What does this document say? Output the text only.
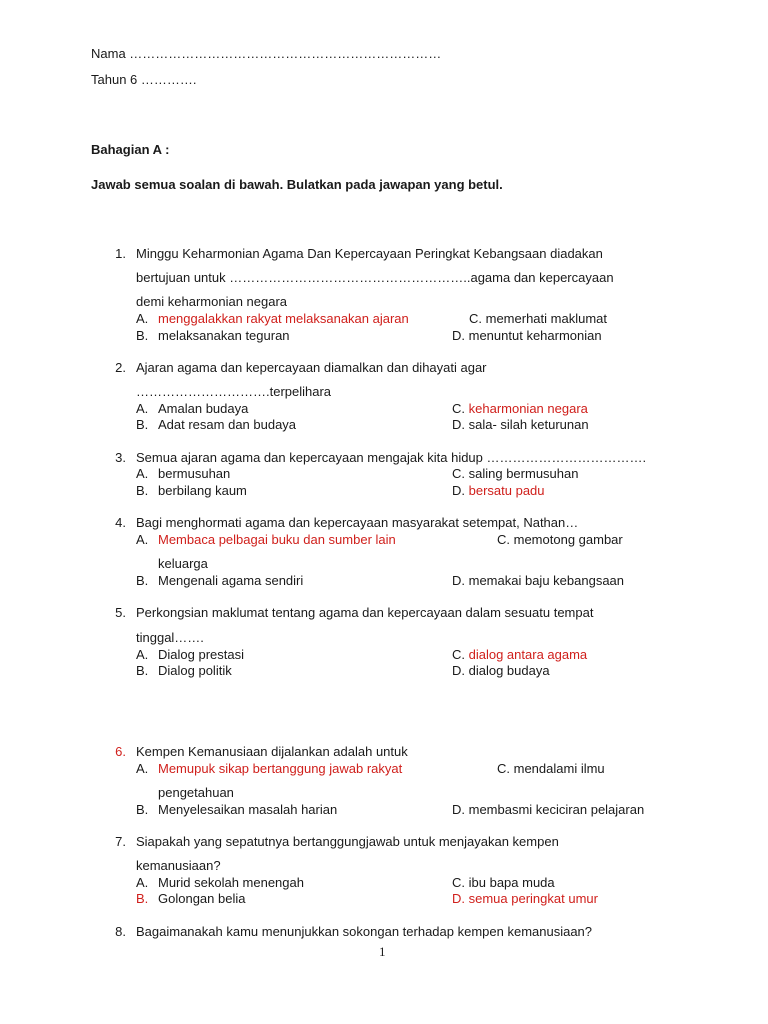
Nama ………………………………………………………………
Tahun 6 ………….
Bahagian A :
Jawab semua soalan di bawah. Bulatkan pada jawapan yang betul.
1. Minggu Keharmonian Agama Dan Kepercayaan Peringkat Kebangsaan diadakan
bertujuan untuk ………………………………………………..agama dan kepercayaan
demi keharmonian negara
A. menggalakkan rakyat melaksanakan ajaran	C. memerhati maklumat
B. melaksanakan teguran	D. menuntut keharmonian
2. Ajaran agama dan kepercayaan diamalkan dan dihayati agar
………………………….terpelihara
A. Amalan budaya	C. keharmonian negara
B. Adat resam dan budaya	D. sala- silah keturunan
3. Semua ajaran agama dan kepercayaan mengajak kita hidup ……………………………….
A. bermusuhan	C. saling bermusuhan
B. berbilang kaum	D. bersatu padu
4. Bagi menghormati agama dan kepercayaan masyarakat setempat, Nathan…
A. Membaca pelbagai buku dan sumber lain	C. memotong gambar
keluarga
B. Mengenali agama sendiri	D. memakai baju kebangsaan
5. Perkongsian maklumat tentang agama dan kepercayaan dalam sesuatu tempat
tinggal…….
A. Dialog prestasi	C. dialog antara agama
B. Dialog politik	D. dialog budaya
6. Kempen Kemanusiaan dijalankan adalah untuk
A. Memupuk sikap bertanggung jawab rakyat	C. mendalami ilmu
pengetahuan
B. Menyelesaikan masalah harian	D. membasmi keciciran pelajaran
7. Siapakah yang sepatutnya bertanggungjawab untuk menjayakan kempen
kemanusiaan?
A. Murid sekolah menengah	C. ibu bapa muda
B. Golongan belia	D. semua peringkat umur
8. Bagaimanakah kamu menunjukkan sokongan terhadap kempen kemanusiaan?
1
